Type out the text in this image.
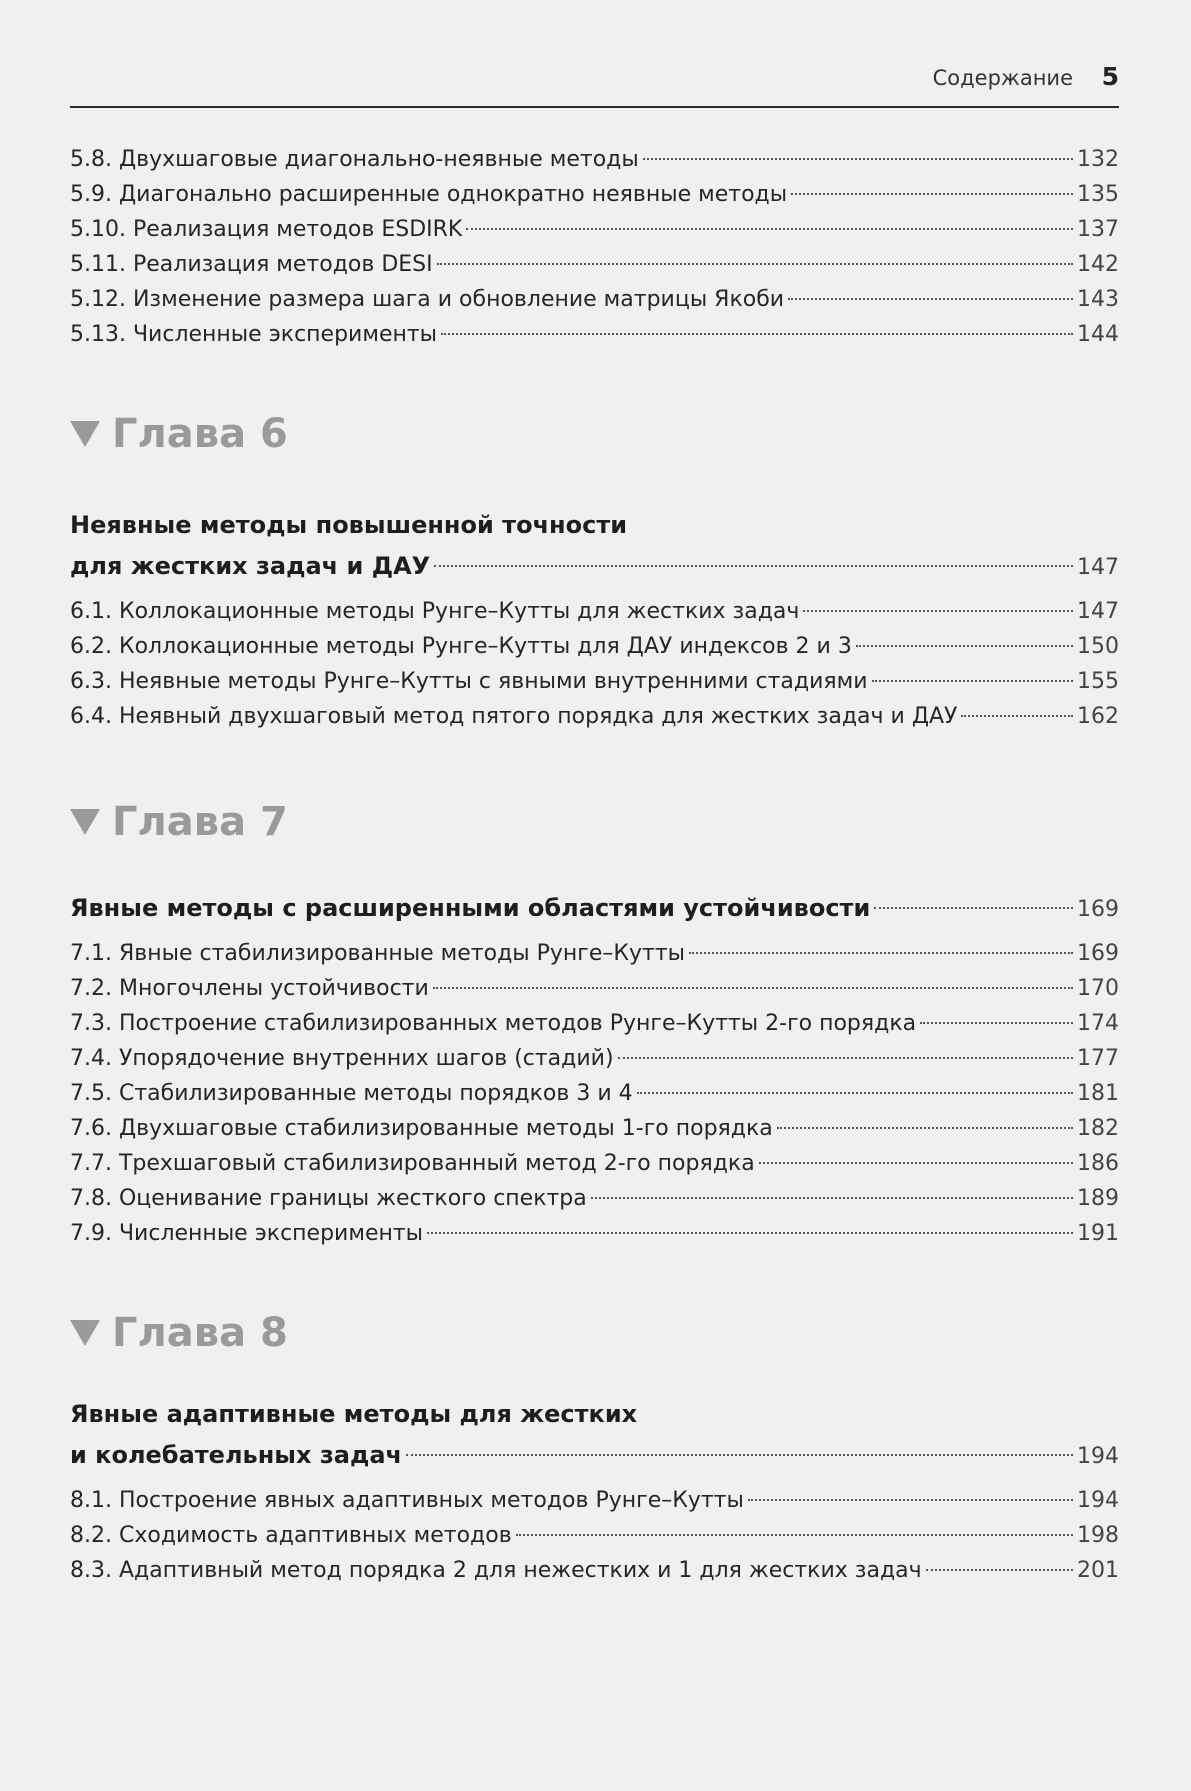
Содержание 5
5.8. Двухшаговые диагонально-неявные методы	132
5.9. Диагонально расширенные однократно неявные методы	135
5.10. Реализация методов ESDIRK	137
5.11. Реализация методов DESI	142
5.12. Изменение размера шага и обновление матрицы Якоби	143
5.13. Численные эксперименты	144
Глава 6
Неявные методы повышенной точности
для жестких задач и ДАУ	147
6.1. Коллокационные методы Рунге–Кутты для жестких задач	147
6.2. Коллокационные методы Рунге–Кутты для ДАУ индексов 2 и 3	150
6.3. Неявные методы Рунге–Кутты с явными внутренними стадиями	155
6.4. Неявный двухшаговый метод пятого порядка для жестких задач и ДАУ	162
Глава 7
Явные методы с расширенными областями устойчивости	169
7.1. Явные стабилизированные методы Рунге–Кутты	169
7.2. Многочлены устойчивости	170
7.3. Построение стабилизированных методов Рунге–Кутты 2-го порядка	174
7.4. Упорядочение внутренних шагов (стадий)	177
7.5. Стабилизированные методы порядков 3 и 4	181
7.6. Двухшаговые стабилизированные методы 1-го порядка	182
7.7. Трехшаговый стабилизированный метод 2-го порядка	186
7.8. Оценивание границы жесткого спектра	189
7.9. Численные эксперименты	191
Глава 8
Явные адаптивные методы для жестких
и колебательных задач	194
8.1. Построение явных адаптивных методов Рунге–Кутты	194
8.2. Сходимость адаптивных методов	198
8.3. Адаптивный метод порядка 2 для нежестких и 1 для жестких задач	201
